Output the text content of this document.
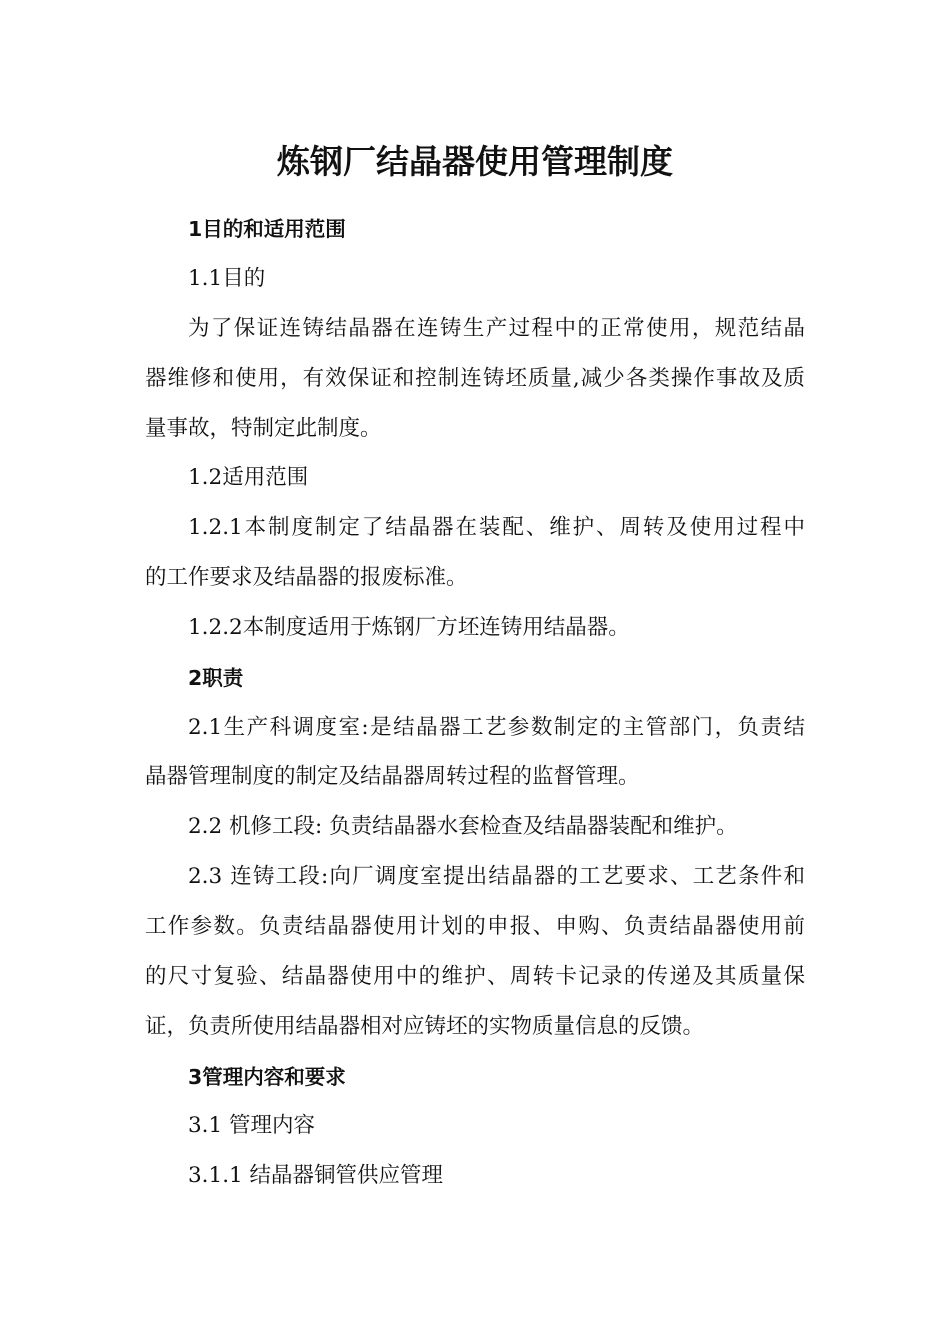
炼钢厂结晶器使用管理制度

1目的和适用范围

1.1目的

为了保证连铸结晶器在连铸生产过程中的正常使用，规范结晶

器维修和使用，有效保证和控制连铸坯质量,减少各类操作事故及质

量事故，特制定此制度。

1.2适用范围

1.2.1本制度制定了结晶器在装配、维护、周转及使用过程中

的工作要求及结晶器的报废标准。

1.2.2本制度适用于炼钢厂方坯连铸用结晶器。

2职责

2.1生产科调度室:是结晶器工艺参数制定的主管部门，负责结

晶器管理制度的制定及结晶器周转过程的监督管理。

2.2 机修工段: 负责结晶器水套检查及结晶器装配和维护。

2.3 连铸工段:向厂调度室提出结晶器的工艺要求、工艺条件和

工作参数。负责结晶器使用计划的申报、申购、负责结晶器使用前

的尺寸复验、结晶器使用中的维护、周转卡记录的传递及其质量保

证，负责所使用结晶器相对应铸坯的实物质量信息的反馈。

3管理内容和要求

3.1 管理内容

3.1.1 结晶器铜管供应管理
